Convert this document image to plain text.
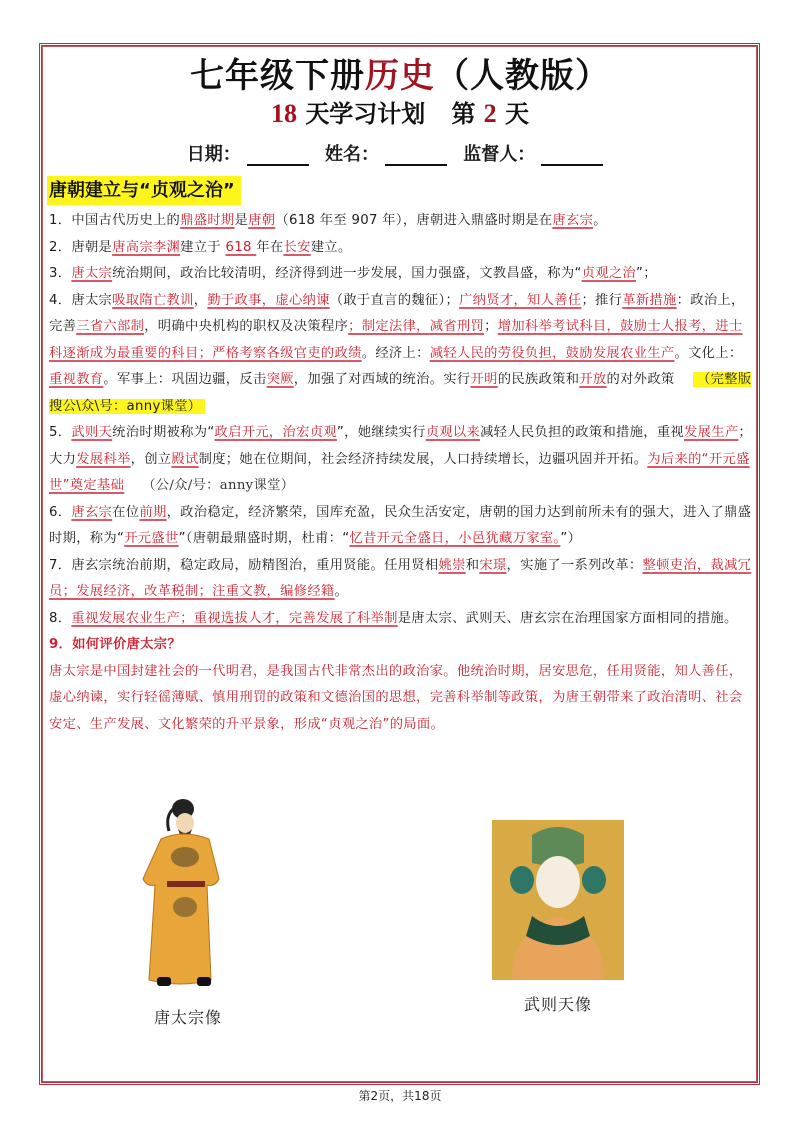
七年级下册历史（人教版）
18 天学习计划 第 2 天
日期：	姓名：	监督人：
唐朝建立与“贞观之治”

1．中国古代历史上的鼎盛时期是唐朝（618 年至 907 年），唐朝进入鼎盛时期是在唐玄宗。

2．唐朝是唐高宗李渊建立于 618 年在长安建立。

3．唐太宗统治期间，政治比较清明，经济得到进一步发展，国力强盛，文教昌盛，称为“贞观之治”；

4．唐太宗吸取隋亡教训，勤于政事，虚心纳谏（敢于直言的魏征）；广纳贤才，知人善任；推行革新措施：政治上，完善三省六部制，明确中央机构的职权及决策程序；制定法律，减省刑罚；增加科举考试科目，鼓励士人报考，进士科逐渐成为最重要的科目；严格考察各级官吏的政绩。经济上：减轻人民的劳役负担，鼓励发展农业生产。文化上：重视教育。军事上：巩固边疆，反击突厥，加强了对西域的统治。实行开明的民族政策和开放的对外政策 （完整版搜公\众\号：anny课堂）

5．武则天统治时期被称为“政启开元，治宏贞观”，她继续实行贞观以来减轻人民负担的政策和措施，重视发展生产；大力发展科举，创立殿试制度；她在位期间，社会经济持续发展，人口持续增长，边疆巩固并开拓。为后来的“开元盛世”奠定基础 （公/众/号：anny课堂）

6．唐玄宗在位前期，政治稳定，经济繁荣，国库充盈，民众生活安定，唐朝的国力达到前所未有的强大，进入了鼎盛时期，称为“开元盛世”（唐朝最鼎盛时期，杜甫：“忆昔开元全盛日，小邑犹藏万家室。”）

7．唐玄宗统治前期，稳定政局，励精图治，重用贤能。任用贤相姚崇和宋璟，实施了一系列改革：整顿吏治，裁减冗员；发展经济，改革税制；注重文教，编修经籍。

8．重视发展农业生产；重视选拔人才，完善发展了科举制是唐太宗、武则天、唐玄宗在治理国家方面相同的措施。

9．如何评价唐太宗？

唐太宗是中国封建社会的一代明君，是我国古代非常杰出的政治家。他统治时期，居安思危，任用贤能，知人善任，虚心纳谏，实行轻徭薄赋、慎用刑罚的政策和文德治国的思想，完善科举制等政策，为唐王朝带来了政治清明、社会安定、生产发展、文化繁荣的升平景象，形成“贞观之治”的局面。

唐太宗像
武则天像
第2页，共18页
